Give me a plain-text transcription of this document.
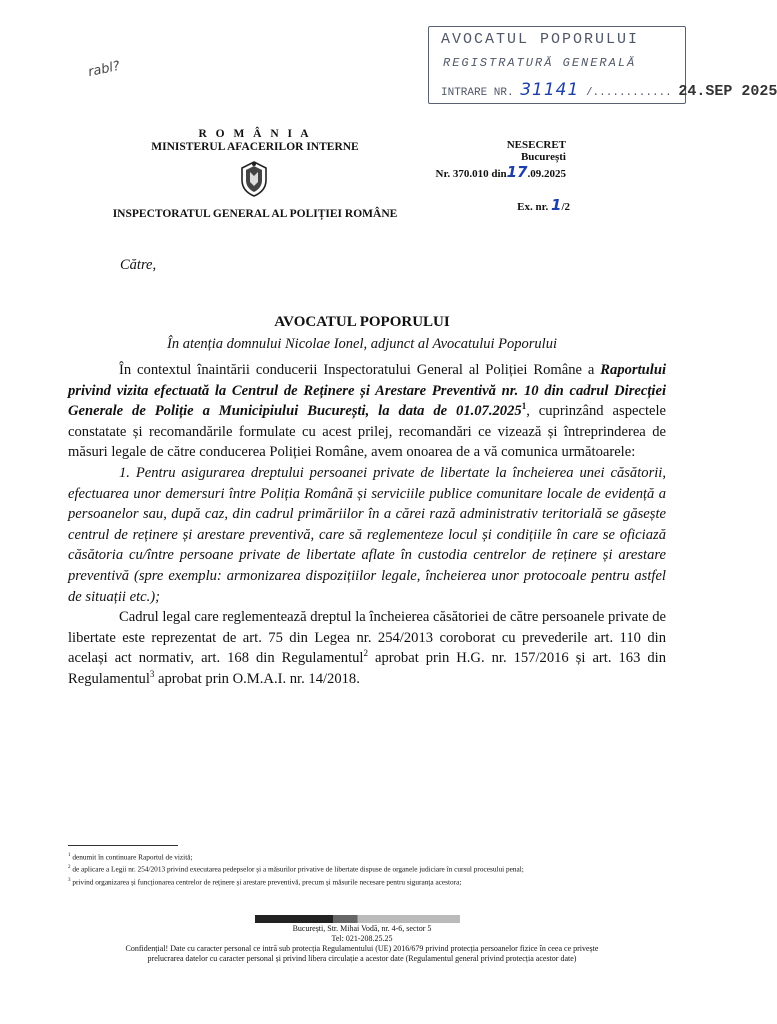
AVOCATUL POPORULUI
REGISTRATURĂ GENERALĂ
INTRARE NR. 31141 /............ 24.SEP 2025
rabl?
R O M Â N I A
MINISTERUL AFACERILOR INTERNE
INSPECTORATUL GENERAL AL POLIȚIEI ROMÂNE
NESECRET
București
Nr. 370.010 din17.09.2025
Ex. nr. 1/2
Către,
AVOCATUL POPORULUI
În atenția domnului Nicolae Ionel, adjunct al Avocatului Poporului

În contextul înaintării conducerii Inspectoratului General al Poliției Române a Raportului privind vizita efectuată la Centrul de Reținere și Arestare Preventivă nr. 10 din cadrul Direcției Generale de Poliție a Municipiului București, la data de 01.07.2025$^1$, cuprinzând aspectele constatate și recomandările formulate cu acest prilej, recomandări ce vizează și întreprinderea de măsuri legale de către conducerea Poliției Române, avem onoarea de a vă comunica următoarele:

1. Pentru asigurarea dreptului persoanei private de libertate la încheierea unei căsătorii, efectuarea unor demersuri între Poliția Română și serviciile publice comunitare locale de evidență a persoanelor sau, după caz, din cadrul primăriilor în a cărei rază administrativ teritorială se găsește centrul de reținere și arestare preventivă, care să reglementeze locul și condițiile în care se oficiază căsătoria cu/între persoane private de libertate aflate în custodia centrelor de reținere și arestare preventivă (spre exemplu: armonizarea dispozițiilor legale, încheierea unor protocoale pentru astfel de situații etc.);

Cadrul legal care reglementează dreptul la încheierea căsătoriei de către persoanele private de libertate este reprezentat de art. 75 din Legea nr. 254/2013 coroborat cu prevederile art. 110 din același act normativ, art. 168 din Regulamentul$^2$ aprobat prin H.G. nr. 157/2016 și art. 163 din Regulamentul$^3$ aprobat prin O.M.A.I. nr. 14/2018.

$^1$ denumit în continuare Raportul de vizită;
$^2$ de aplicare a Legii nr. 254/2013 privind executarea pedepselor și a măsurilor privative de libertate dispuse de organele judiciare în cursul procesului penal;
$^3$ privind organizarea și funcționarea centrelor de reținere și arestare preventivă, precum și măsurile necesare pentru siguranța acestora;
București, Str. Mihai Vodă, nr. 4-6, sector 5
Tel: 021-208.25.25
Confidențial! Date cu caracter personal ce intră sub protecția Regulamentului (UE) 2016/679 privind protecția persoanelor fizice în ceea ce privește
prelucrarea datelor cu caracter personal și privind libera circulație a acestor date (Regulamentul general privind protecția acestor date)
